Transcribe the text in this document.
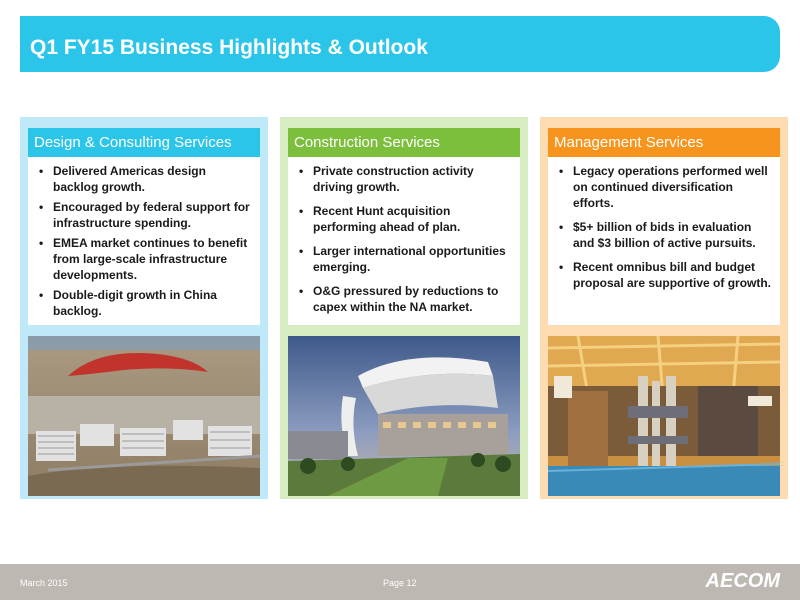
Q1 FY15 Business Highlights & Outlook
Design & Consulting Services
• Delivered Americas design backlog growth.
• Encouraged by federal support for infrastructure spending.
• EMEA market continues to benefit from large-scale infrastructure developments.
• Double-digit growth in China backlog.
Construction Services
• Private construction activity driving growth.
• Recent Hunt acquisition performing ahead of plan.
• Larger international opportunities emerging.
• O&G pressured by reductions to capex within the NA market.
Management Services
• Legacy operations performed well on continued diversification efforts.
• $5+ billion of bids in evaluation and $3 billion of active pursuits.
• Recent omnibus bill and budget proposal are supportive of growth.
March 2015	Page 12	AECOM
